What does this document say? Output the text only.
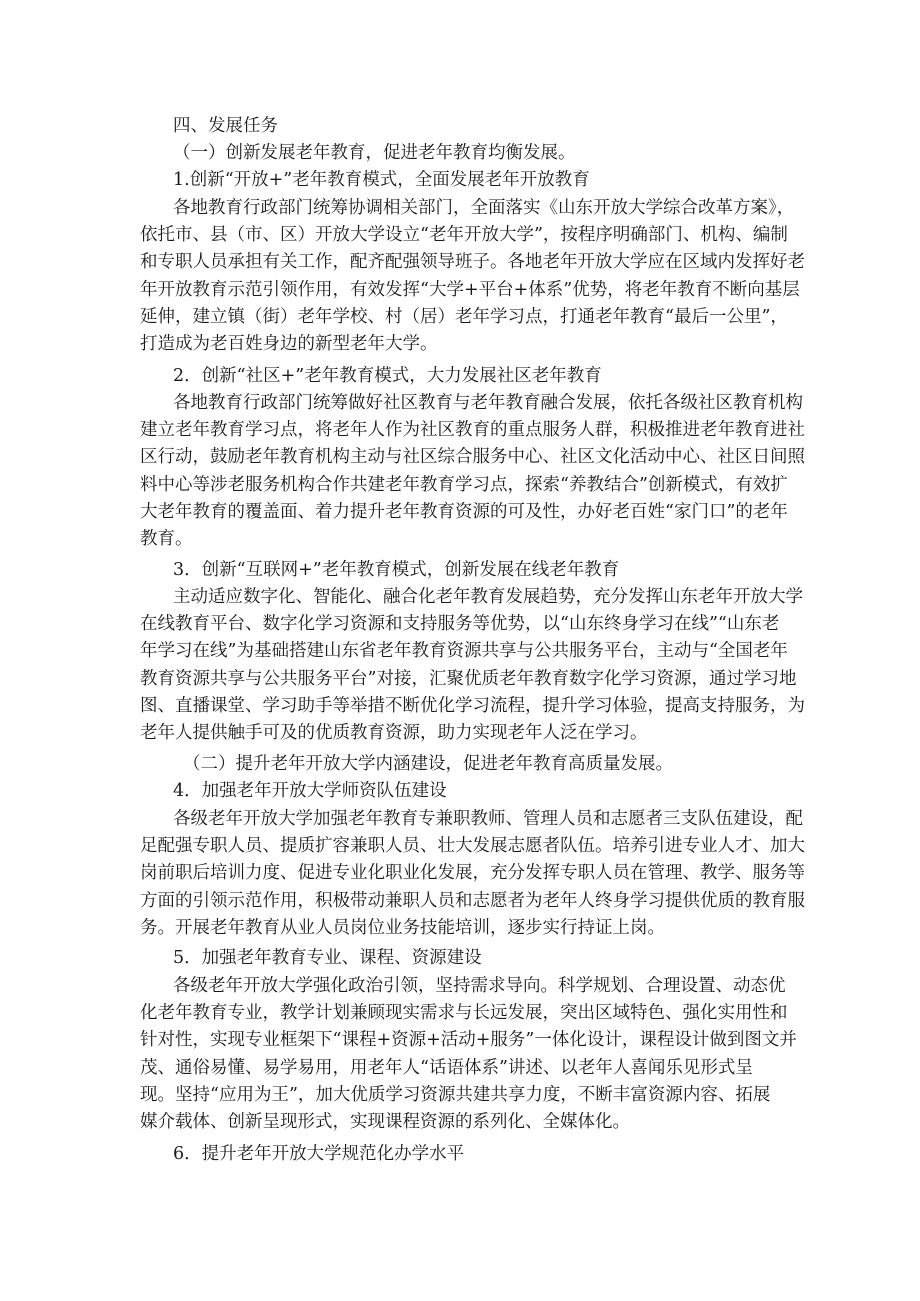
四、发展任务

（一）创新发展老年教育，促进老年教育均衡发展。

1.创新“开放+”老年教育模式，全面发展老年开放教育

各地教育行政部门统筹协调相关部门，全面落实《山东开放大学综合改革方案》，
依托市、县（市、区）开放大学设立“老年开放大学”，按程序明确部门、机构、编制
和专职人员承担有关工作，配齐配强领导班子。各地老年开放大学应在区域内发挥好老
年开放教育示范引领作用，有效发挥“大学+平台+体系”优势，将老年教育不断向基层
延伸，建立镇（街）老年学校、村（居）老年学习点，打通老年教育“最后一公里”，
打造成为老百姓身边的新型老年大学。

2．创新“社区+”老年教育模式，大力发展社区老年教育

各地教育行政部门统筹做好社区教育与老年教育融合发展，依托各级社区教育机构
建立老年教育学习点，将老年人作为社区教育的重点服务人群，积极推进老年教育进社
区行动，鼓励老年教育机构主动与社区综合服务中心、社区文化活动中心、社区日间照
料中心等涉老服务机构合作共建老年教育学习点，探索“养教结合”创新模式，有效扩
大老年教育的覆盖面、着力提升老年教育资源的可及性，办好老百姓“家门口”的老年
教育。

3．创新“互联网+”老年教育模式，创新发展在线老年教育

主动适应数字化、智能化、融合化老年教育发展趋势，充分发挥山东老年开放大学
在线教育平台、数字化学习资源和支持服务等优势，以“山东终身学习在线”“山东老
年学习在线”为基础搭建山东省老年教育资源共享与公共服务平台，主动与“全国老年
教育资源共享与公共服务平台”对接，汇聚优质老年教育数字化学习资源，通过学习地
图、直播课堂、学习助手等举措不断优化学习流程，提升学习体验，提高支持服务，为
老年人提供触手可及的优质教育资源，助力实现老年人泛在学习。

（二）提升老年开放大学内涵建设，促进老年教育高质量发展。

4．加强老年开放大学师资队伍建设

各级老年开放大学加强老年教育专兼职教师、管理人员和志愿者三支队伍建设，配
足配强专职人员、提质扩容兼职人员、壮大发展志愿者队伍。培养引进专业人才、加大
岗前职后培训力度、促进专业化职业化发展，充分发挥专职人员在管理、教学、服务等
方面的引领示范作用，积极带动兼职人员和志愿者为老年人终身学习提供优质的教育服
务。开展老年教育从业人员岗位业务技能培训，逐步实行持证上岗。

5．加强老年教育专业、课程、资源建设

各级老年开放大学强化政治引领，坚持需求导向。科学规划、合理设置、动态优
化老年教育专业，教学计划兼顾现实需求与长远发展，突出区域特色、强化实用性和
针对性，实现专业框架下“课程+资源+活动+服务”一体化设计，课程设计做到图文并
茂、通俗易懂、易学易用，用老年人“话语体系”讲述、以老年人喜闻乐见形式呈
现。坚持“应用为王”，加大优质学习资源共建共享力度，不断丰富资源内容、拓展
媒介载体、创新呈现形式，实现课程资源的系列化、全媒体化。

6．提升老年开放大学规范化办学水平
